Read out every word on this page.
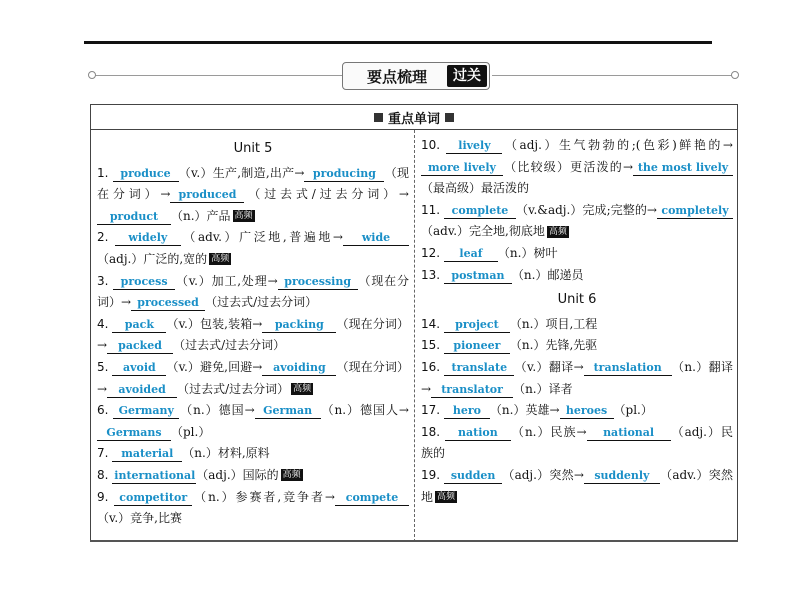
要点梳理	过关
重点单词
Unit 5
1. produce （v.）生产,制造,出产→ producing （现在分词）→ produced （过去式/过去分词）→product （n.）产品 高频
2. widely （adv.）广泛地,普遍地→ wide（adj.）广泛的,宽的 高频
3. process （v.）加工,处理→ processing （现在分词）→ processed （过去式/过去分词）
4. pack （v.）包装,装箱→ packing （现在分词）→ packed （过去式/过去分词）
5. avoid （v.）避免,回避→ avoiding （现在分词）→ avoided （过去式/过去分词） 高频
6. Germany （n.）德国→ German （n.）德国人→Germans （pl.）
7. material （n.）材料,原料
8. international（adj.）国际的 高频
9. competitor （n.）参赛者,竞争者→ compete（v.）竞争,比赛
10. lively （adj.）生气勃勃的;(色彩)鲜艳的→more lively （比较级）更活泼的→ the most lively（最高级）最活泼的
11. complete （v.&adj.）完成;完整的→ completely（adv.）完全地,彻底地 高频
12. leaf （n.）树叶
13. postman （n.）邮递员
Unit 6
14. project （n.）项目,工程
15. pioneer （n.）先锋,先驱
16. translate （v.）翻译→ translation （n.）翻译→ translator （n.）译者
17. hero （n.）英雄→ heroes （pl.）
18. nation （n.）民族→ national （adj.）民族的
19. sudden （adj.）突然→ suddenly （adv.）突然地 高频
